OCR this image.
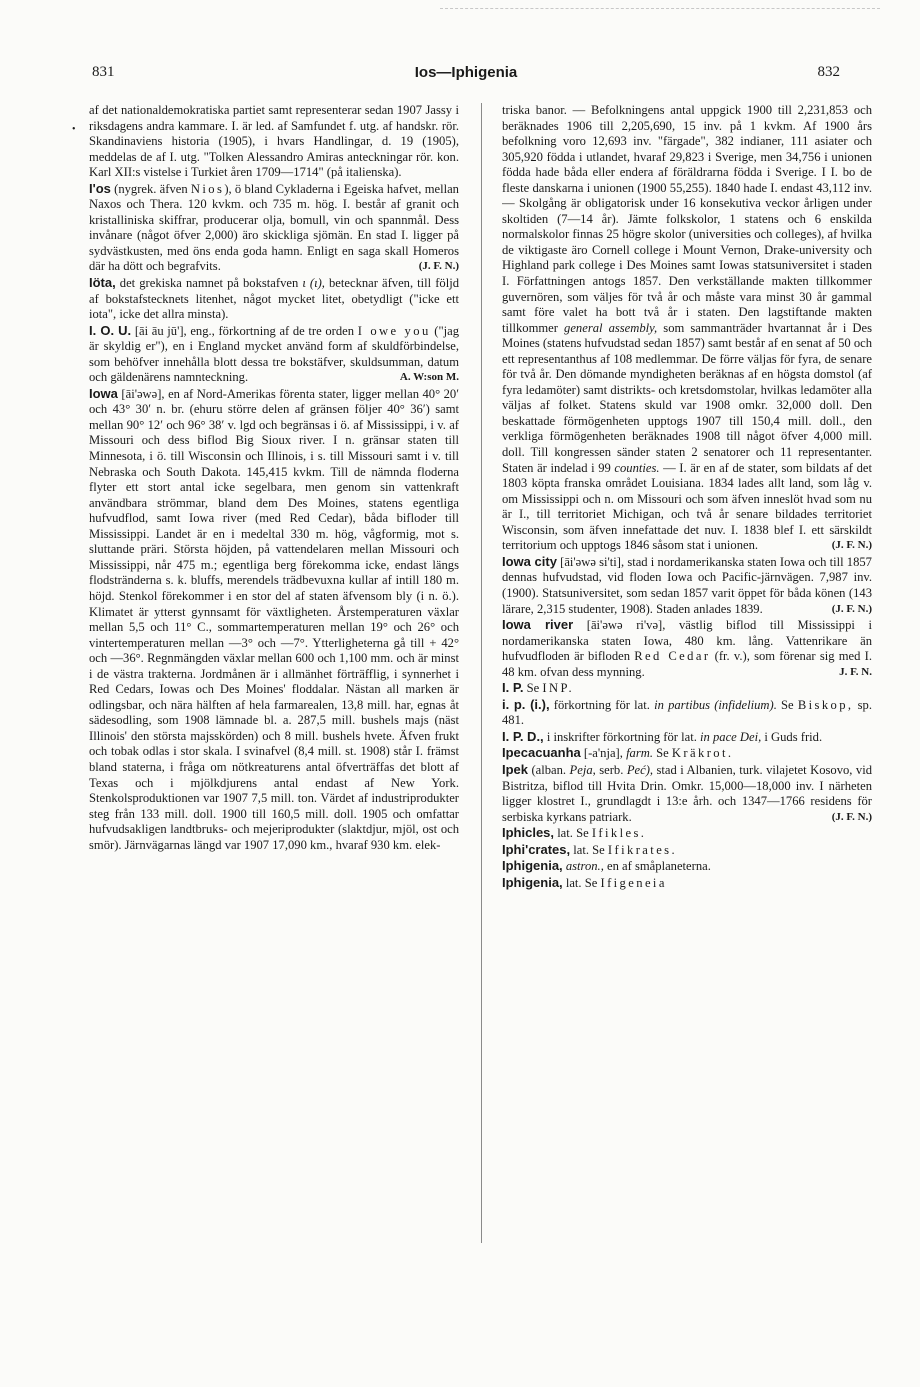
831	Ios—Iphigenia	832
•

af det nationaldemokratiska partiet samt representerar sedan 1907 Jassy i riksdagens andra kammare. I. är led. af Samfundet f. utg. af handskr. rör. Skandinaviens historia (1905), i hvars Handlingar, d. 19 (1905), meddelas de af I. utg. "Tolken Alessandro Amiras anteckningar rör. kon. Karl XII:s vistelse i Turkiet åren 1709—1714" (på italienska).

I'os (nygrek. äfven Nios), ö bland Cykladerna i Egeiska hafvet, mellan Naxos och Thera. 120 kvkm. och 735 m. hög. I. består af granit och kristalliniska skiffrar, producerar olja, bomull, vin och spannmål. Dess invånare (något öfver 2,000) äro skickliga sjömän. En stad I. ligger på sydvästkusten, med öns enda goda hamn. Enligt en saga skall Homeros där ha dött och begrafvits.	(J. F. N.)

Iöta, det grekiska namnet på bokstafven ι (ι), betecknar äfven, till följd af bokstafstecknets litenhet, något mycket litet, obetydligt ("icke ett iota", icke det allra minsta).

I. O. U. [āi āu jū'], eng., förkortning af de tre orden I owe you ("jag är skyldig er"), en i England mycket använd form af skuldförbindelse, som behöfver innehålla blott dessa tre bokstäfver, skuldsumman, datum och gäldenärens namnteckning.	A. W:son M.

Iowa [āi'əwə], en af Nord-Amerikas förenta stater, ligger mellan 40° 20′ och 43° 30′ n. br. (ehuru större delen af gränsen följer 40° 36′) samt mellan 90° 12′ och 96° 38′ v. lgd och begränsas i ö. af Mississippi, i v. af Missouri och dess biflod Big Sioux river. I n. gränsar staten till Minnesota, i ö. till Wisconsin och Illinois, i s. till Missouri samt i v. till Nebraska och South Dakota. 145,415 kvkm. Till de nämnda floderna flyter ett stort antal icke segelbara, men genom sin vattenkraft användbara strömmar, bland dem Des Moines, statens egentliga hufvudflod, samt Iowa river (med Red Cedar), båda bifloder till Mississippi. Landet är en i medeltal 330 m. hög, vågformig, mot s. sluttande präri. Största höjden, på vattendelaren mellan Missouri och Mississippi, når 475 m.; egentliga berg förekomma icke, endast längs flodstränderna s. k. bluffs, merendels trädbevuxna kullar af intill 180 m. höjd. Stenkol förekommer i en stor del af staten äfvensom bly (i n. ö.). Klimatet är ytterst gynnsamt för växtligheten. Årstemperaturen växlar mellan 5,5 och 11° C., sommartemperaturen mellan 19° och 26° och vintertemperaturen mellan —3° och —7°. Ytterligheterna gå till + 42° och —36°. Regnmängden växlar mellan 600 och 1,100 mm. och är minst i de västra trakterna. Jordmånen är i allmänhet förträfflig, i synnerhet i Red Cedars, Iowas och Des Moines' floddalar. Nästan all marken är odlingsbar, och nära hälften af hela farmarealen, 13,8 mill. har, egnas åt sädesodling, som 1908 lämnade bl. a. 287,5 mill. bushels majs (näst Illinois' den största majsskörden) och 8 mill. bushels hvete. Äfven frukt och tobak odlas i stor skala. I svinafvel (8,4 mill. st. 1908) står I. främst bland staterna, i fråga om nötkreaturens antal öfverträffas det blott af Texas och i mjölkdjurens antal endast af New York. Stenkolsproduktionen var 1907 7,5 mill. ton. Värdet af industriprodukter steg från 133 mill. doll. 1900 till 160,5 mill. doll. 1905 och omfattar hufvudsakligen landtbruks- och mejeriprodukter (slaktdjur, mjöl, ost och smör). Järnvägarnas längd var 1907 17,090 km., hvaraf 930 km. elek-

triska banor. — Befolkningens antal uppgick 1900 till 2,231,853 och beräknades 1906 till 2,205,690, 15 inv. på 1 kvkm. Af 1900 års befolkning voro 12,693 inv. "färgade", 382 indianer, 111 asiater och 305,920 födda i utlandet, hvaraf 29,823 i Sverige, men 34,756 i unionen födda hade båda eller endera af föräldrarna födda i Sverige. I I. bo de fleste danskarna i unionen (1900 55,255). 1840 hade I. endast 43,112 inv. — Skolgång är obligatorisk under 16 konsekutiva veckor årligen under skoltiden (7—14 år). Jämte folkskolor, 1 statens och 6 enskilda normalskolor finnas 25 högre skolor (universities och colleges), af hvilka de viktigaste äro Cornell college i Mount Vernon, Drake-university och Highland park college i Des Moines samt Iowas statsuniversitet i staden I. Författningen antogs 1857. Den verkställande makten tillkommer guvernören, som väljes för två år och måste vara minst 30 år gammal samt före valet ha bott två år i staten. Den lagstiftande makten tillkommer general assembly, som sammanträder hvartannat år i Des Moines (statens hufvudstad sedan 1857) samt består af en senat af 50 och ett representanthus af 108 medlemmar. De förre väljas för fyra, de senare för två år. Den dömande myndigheten beräknas af en högsta domstol (af fyra ledamöter) samt distrikts- och kretsdomstolar, hvilkas ledamöter alla väljas af folket. Statens skuld var 1908 omkr. 32,000 doll. Den beskattade förmögenheten upptogs 1907 till 150,4 mill. doll., den verkliga förmögenheten beräknades 1908 till något öfver 4,000 mill. doll. Till kongressen sänder staten 2 senatorer och 11 representanter. Staten är indelad i 99 counties. — I. är en af de stater, som bildats af det 1803 köpta franska området Louisiana. 1834 lades allt land, som låg v. om Mississippi och n. om Missouri och som äfven inneslöt hvad som nu är I., till territoriet Michigan, och två år senare bildades territoriet Wisconsin, som äfven innefattade det nuv. I. 1838 blef I. ett särskildt territorium och upptogs 1846 såsom stat i unionen.	(J. F. N.)

Iowa city [āi'əwə si'ti], stad i nordamerikanska staten Iowa och till 1857 dennas hufvudstad, vid floden Iowa och Pacific-järnvägen. 7,987 inv. (1900). Statsuniversitet, som sedan 1857 varit öppet för båda könen (143 lärare, 2,315 studenter, 1908). Staden anlades 1839.	(J. F. N.)

Iowa river [āi'əwə ri'və], västlig biflod till Mississippi i nordamerikanska staten Iowa, 480 km. lång. Vattenrikare än hufvudfloden är bifloden Red Cedar (fr. v.), som förenar sig med I. 48 km. ofvan dess mynning.	J. F. N.

I. P. Se INP.

i. p. (i.), förkortning för lat. in partibus (infidelium). Se Biskop, sp. 481.

I. P. D., i inskrifter förkortning för lat. in pace Dei, i Guds frid.

Ipecacuanha [-a'nja], farm. Se Kräkrot.

Ipek (alban. Peja, serb. Peć), stad i Albanien, turk. vilajetet Kosovo, vid Bistritza, biflod till Hvita Drin. Omkr. 15,000—18,000 inv. I närheten ligger klostret I., grundlagdt i 13:e årh. och 1347—1766 residens för serbiska kyrkans patriark.	(J. F. N.)

Iphicles, lat. Se Ifikles.

Iphi'crates, lat. Se Ifikrates.

Iphigenia, astron., en af småplaneterna.

Iphigenia, lat. Se Ifigeneia
